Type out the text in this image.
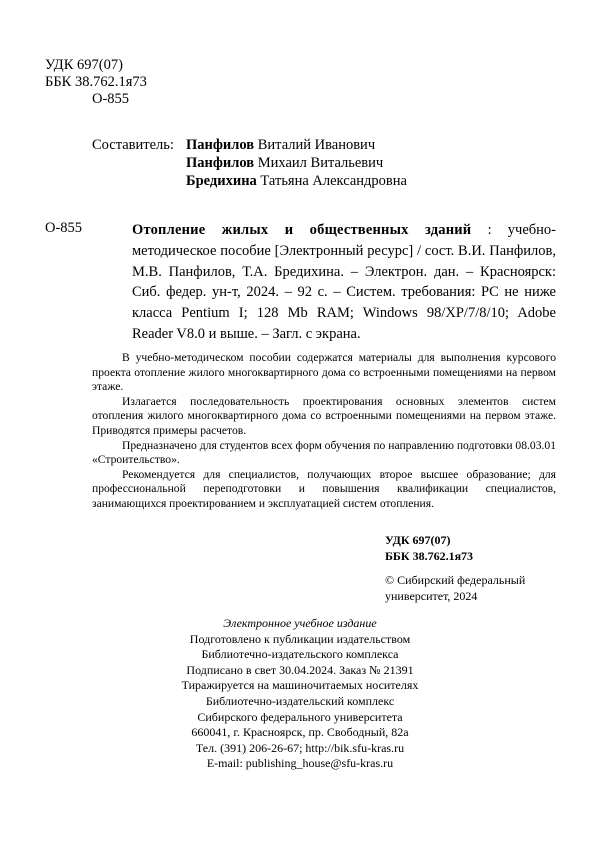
УДК 697(07)
ББК 38.762.1я73
О-855
Составитель: Панфилов Виталий Иванович
Панфилов Михаил Витальевич
Бредихина Татьяна Александровна
О-855	Отопление жилых и общественных зданий : учебно-методическое пособие [Электронный ресурс] / сост. В.И. Панфилов, М.В. Панфилов, Т.А. Бредихина. – Электрон. дан. – Красноярск: Сиб. федер. ун-т, 2024. – 92 с. – Систем. требования: PC не ниже класса Pentium I; 128 Mb RAM; Windows 98/XP/7/8/10; Adobe Reader V8.0 и выше. – Загл. с экрана.

В учебно-методическом пособии содержатся материалы для выполнения курсового проекта отопление жилого многоквартирного дома со встроенными помещениями на первом этаже.

Излагается последовательность проектирования основных элементов систем отопления жилого многоквартирного дома со встроенными помещениями на первом этаже. Приводятся примеры расчетов.

Предназначено для студентов всех форм обучения по направлению подготовки 08.03.01 «Строительство».

Рекомендуется для специалистов, получающих второе высшее образование; для профессиональной переподготовки и повышения квалификации специалистов, занимающихся проектированием и эксплуатацией систем отопления.

УДК 697(07)
ББК 38.762.1я73
© Сибирский федеральный
университет, 2024
Электронное учебное издание
Подготовлено к публикации издательством
Библиотечно-издательского комплекса
Подписано в свет 30.04.2024. Заказ № 21391
Тиражируется на машиночитаемых носителях
Библиотечно-издательский комплекс
Сибирского федерального университета
660041, г. Красноярск, пр. Свободный, 82а
Тел. (391) 206-26-67; http://bik.sfu-kras.ru
E-mail: publishing_house@sfu-kras.ru
